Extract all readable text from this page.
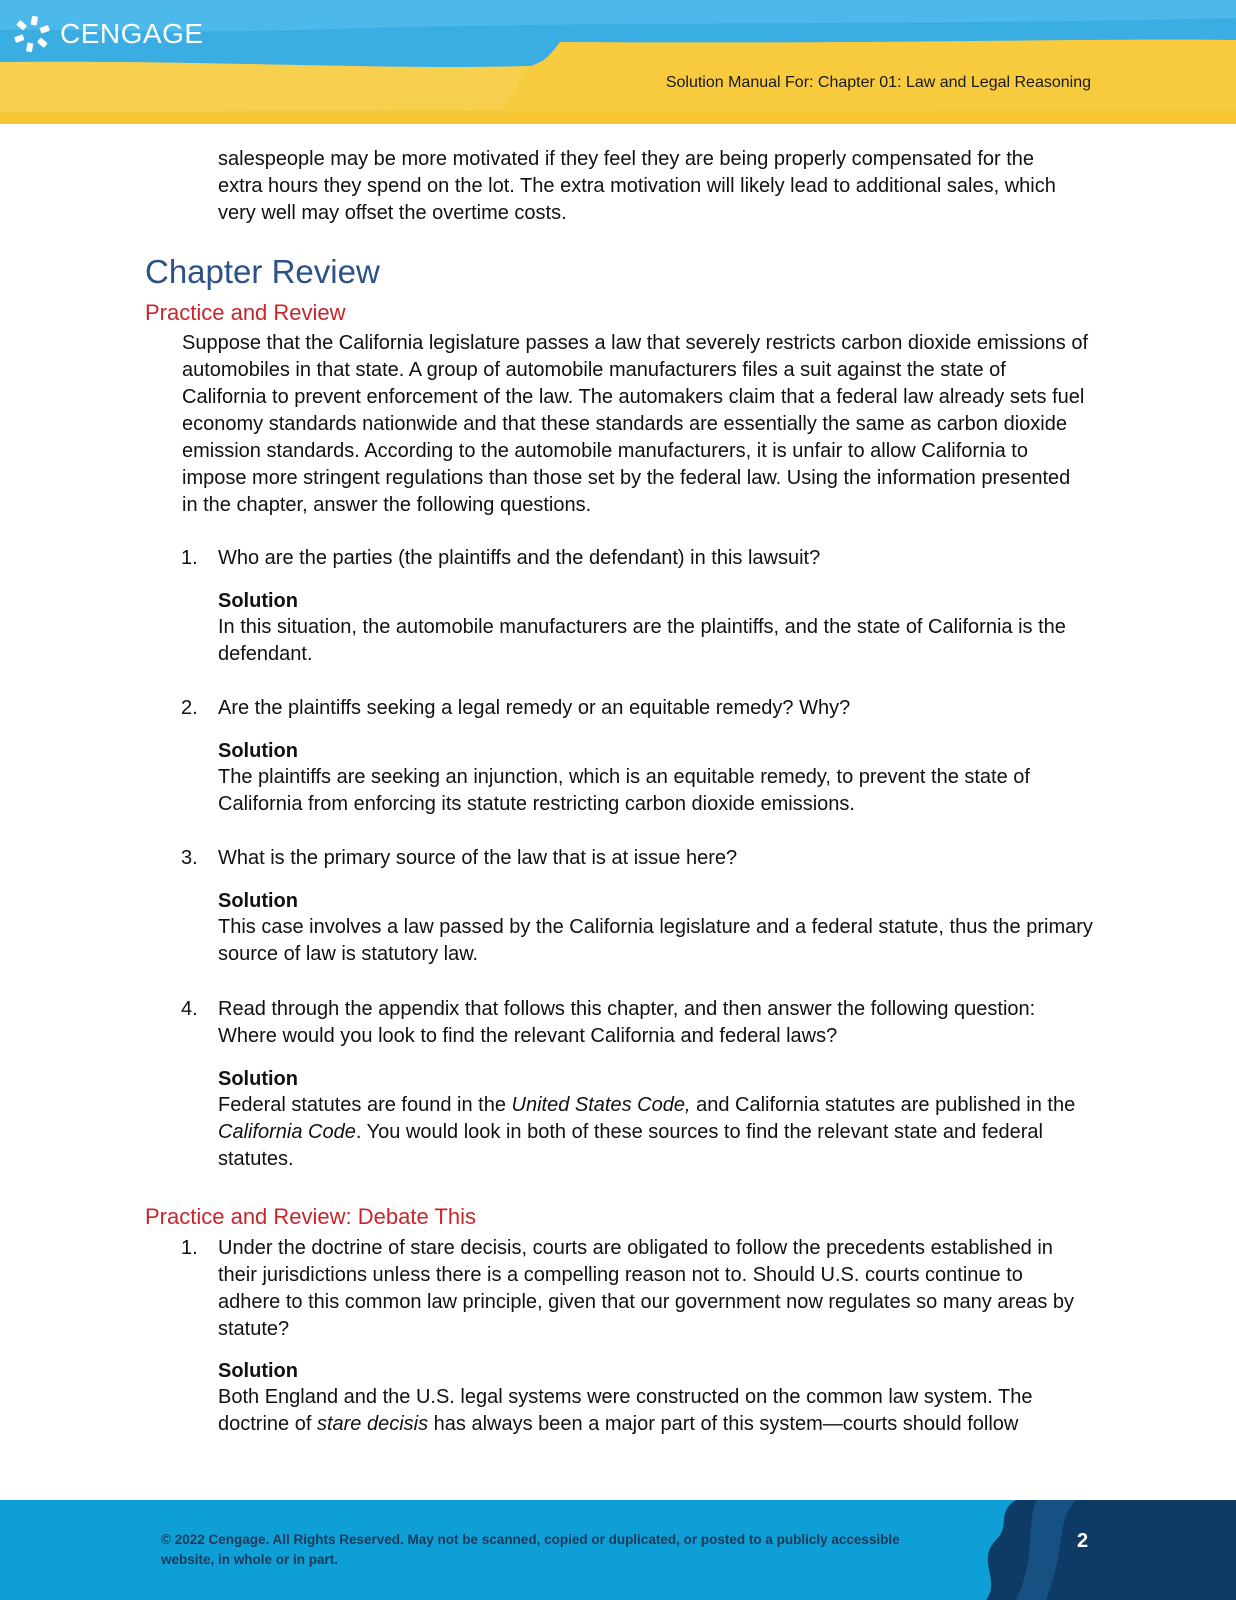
CENGAGE
Solution Manual For: Chapter 01: Law and Legal Reasoning
salespeople may be more motivated if they feel they are being properly compensated for the
extra hours they spend on the lot. The extra motivation will likely lead to additional sales, which
very well may offset the overtime costs.
Chapter Review
Practice and Review
Suppose that the California legislature passes a law that severely restricts carbon dioxide emissions of
automobiles in that state. A group of automobile manufacturers files a suit against the state of
California to prevent enforcement of the law. The automakers claim that a federal law already sets fuel
economy standards nationwide and that these standards are essentially the same as carbon dioxide
emission standards. According to the automobile manufacturers, it is unfair to allow California to
impose more stringent regulations than those set by the federal law. Using the information presented
in the chapter, answer the following questions.
1. Who are the parties (the plaintiffs and the defendant) in this lawsuit?
Solution
In this situation, the automobile manufacturers are the plaintiffs, and the state of California is the
defendant.
2. Are the plaintiffs seeking a legal remedy or an equitable remedy? Why?
Solution
The plaintiffs are seeking an injunction, which is an equitable remedy, to prevent the state of
California from enforcing its statute restricting carbon dioxide emissions.
3. What is the primary source of the law that is at issue here?
Solution
This case involves a law passed by the California legislature and a federal statute, thus the primary
source of law is statutory law.
4. Read through the appendix that follows this chapter, and then answer the following question:
Where would you look to find the relevant California and federal laws?
Solution
Federal statutes are found in the United States Code, and California statutes are published in the
California Code. You would look in both of these sources to find the relevant state and federal
statutes.
Practice and Review: Debate This
1. Under the doctrine of stare decisis, courts are obligated to follow the precedents established in
their jurisdictions unless there is a compelling reason not to. Should U.S. courts continue to
adhere to this common law principle, given that our government now regulates so many areas by
statute?
Solution
Both England and the U.S. legal systems were constructed on the common law system. The
doctrine of stare decisis has always been a major part of this system—courts should follow
© 2022 Cengage. All Rights Reserved. May not be scanned, copied or duplicated, or posted to a publicly accessible
website, in whole or in part.
2
